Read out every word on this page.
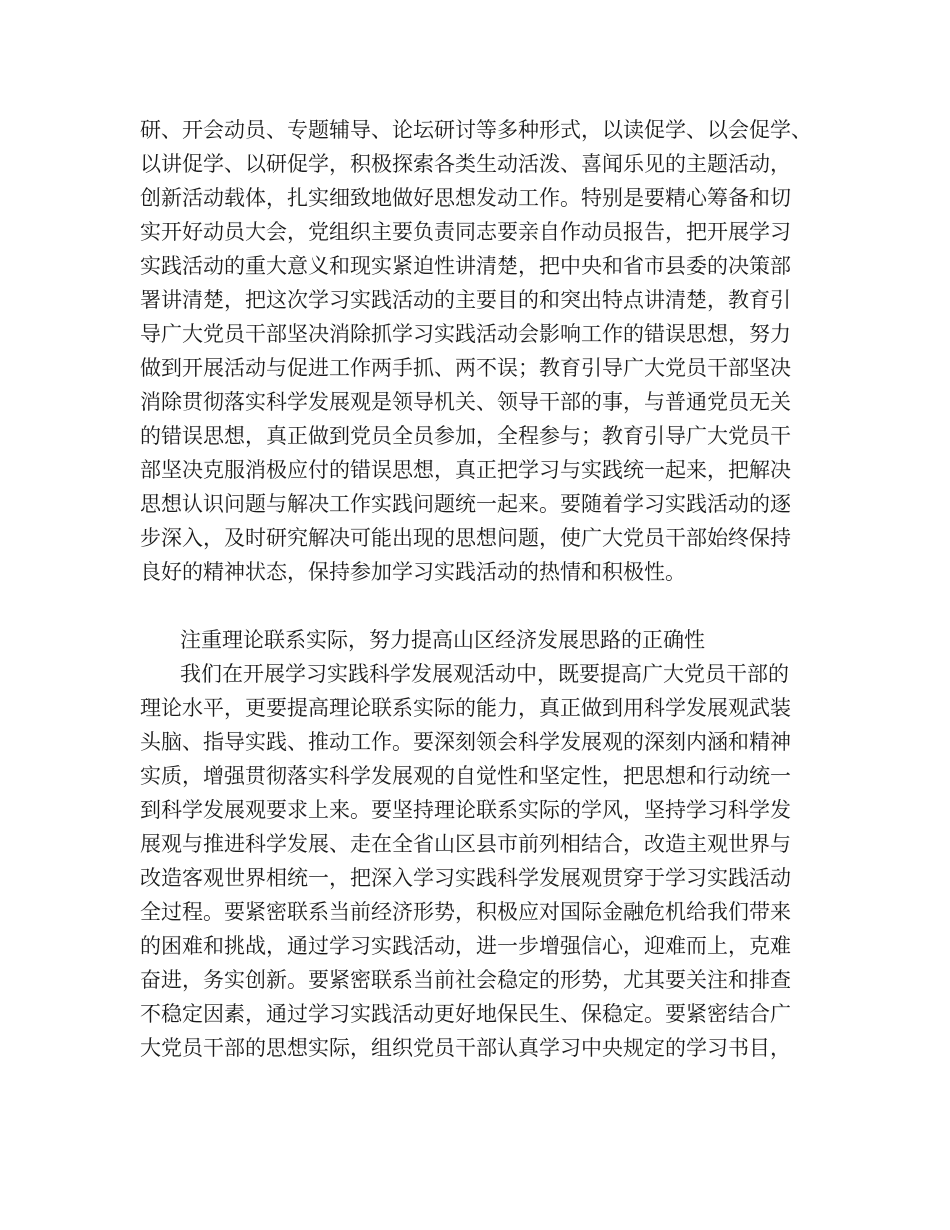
研、开会动员、专题辅导、论坛研讨等多种形式，以读促学、以会促学、
以讲促学、以研促学，积极探索各类生动活泼、喜闻乐见的主题活动，
创新活动载体，扎实细致地做好思想发动工作。特别是要精心筹备和切
实开好动员大会，党组织主要负责同志要亲自作动员报告，把开展学习
实践活动的重大意义和现实紧迫性讲清楚，把中央和省市县委的决策部
署讲清楚，把这次学习实践活动的主要目的和突出特点讲清楚，教育引
导广大党员干部坚决消除抓学习实践活动会影响工作的错误思想，努力
做到开展活动与促进工作两手抓、两不误；教育引导广大党员干部坚决
消除贯彻落实科学发展观是领导机关、领导干部的事，与普通党员无关
的错误思想，真正做到党员全员参加，全程参与；教育引导广大党员干
部坚决克服消极应付的错误思想，真正把学习与实践统一起来，把解决
思想认识问题与解决工作实践问题统一起来。要随着学习实践活动的逐
步深入，及时研究解决可能出现的思想问题，使广大党员干部始终保持
良好的精神状态，保持参加学习实践活动的热情和积极性。
注重理论联系实际，努力提高山区经济发展思路的正确性
我们在开展学习实践科学发展观活动中，既要提高广大党员干部的
理论水平，更要提高理论联系实际的能力，真正做到用科学发展观武装
头脑、指导实践、推动工作。要深刻领会科学发展观的深刻内涵和精神
实质，增强贯彻落实科学发展观的自觉性和坚定性，把思想和行动统一
到科学发展观要求上来。要坚持理论联系实际的学风，坚持学习科学发
展观与推进科学发展、走在全省山区县市前列相结合，改造主观世界与
改造客观世界相统一，把深入学习实践科学发展观贯穿于学习实践活动
全过程。要紧密联系当前经济形势，积极应对国际金融危机给我们带来
的困难和挑战，通过学习实践活动，进一步增强信心，迎难而上，克难
奋进，务实创新。要紧密联系当前社会稳定的形势，尤其要关注和排查
不稳定因素，通过学习实践活动更好地保民生、保稳定。要紧密结合广
大党员干部的思想实际，组织党员干部认真学习中央规定的学习书目，
